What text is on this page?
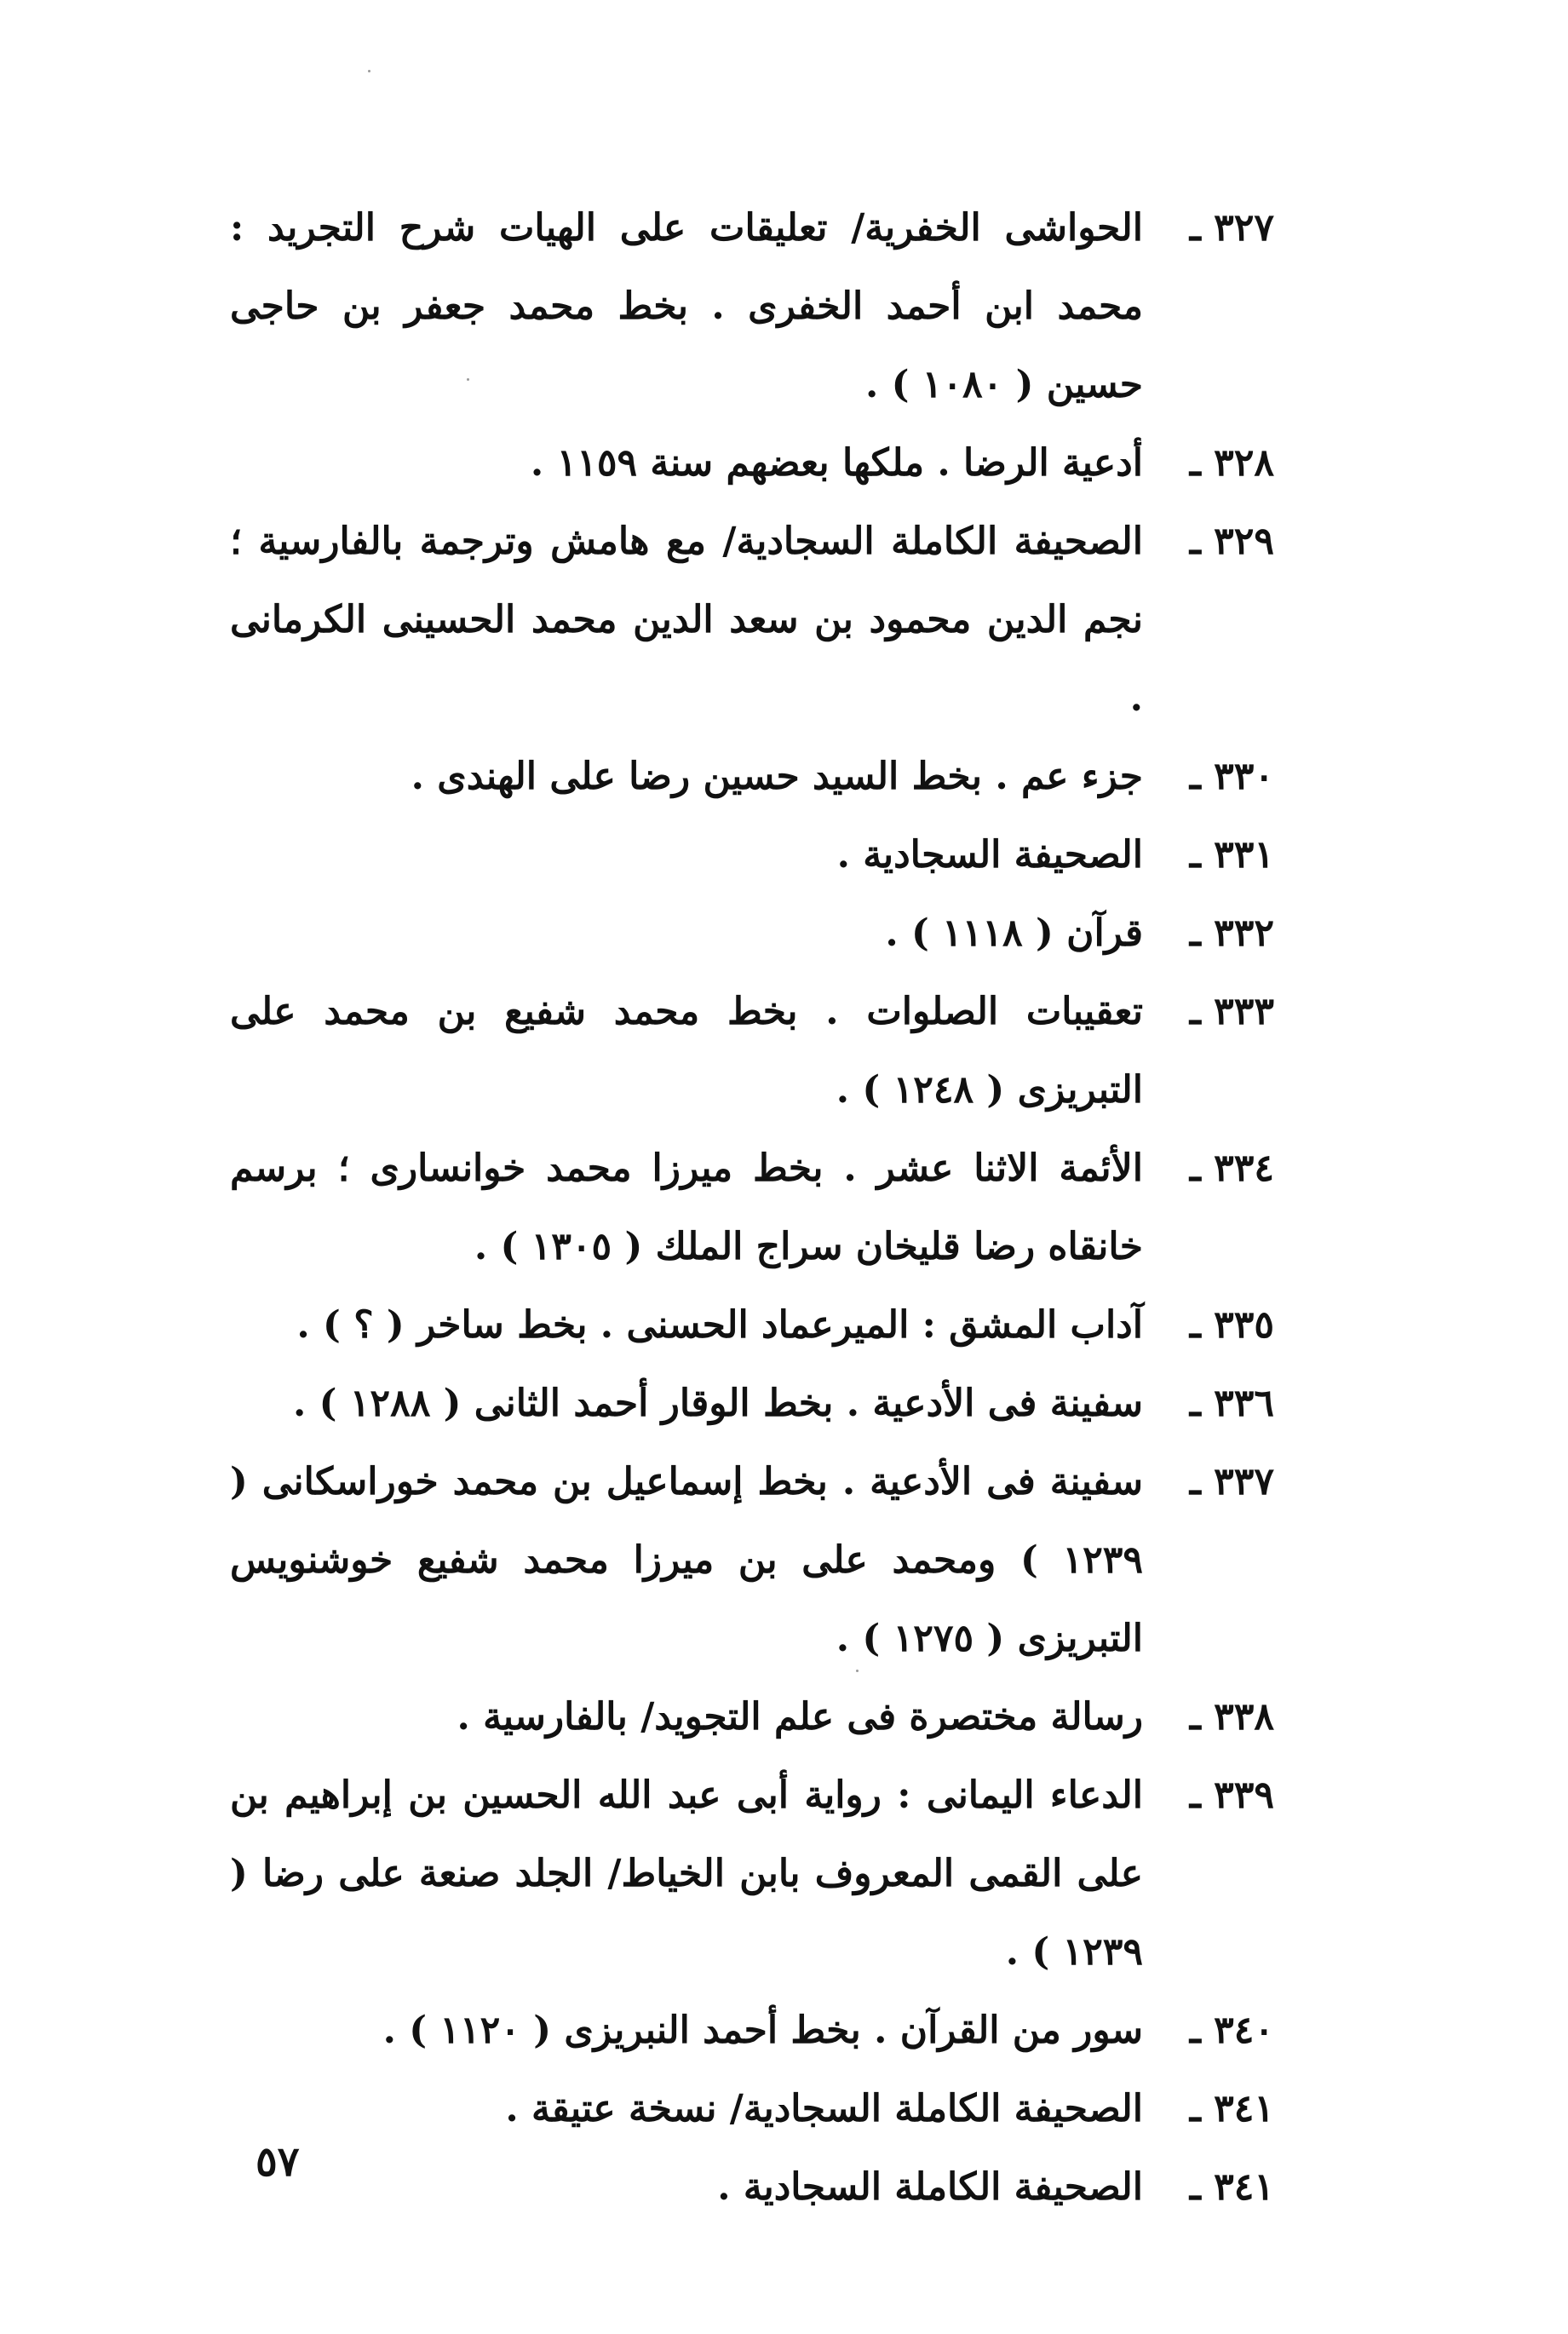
٣٢٧ ـ
الحواشى الخفرية/ تعليقات على الهيات شرح التجريد : محمد ابن أحمد الخفرى . بخط محمد جعفر بن حاجى حسين ( ١٠٨٠ ) .
٣٢٨ ـ
أدعية الرضا . ملكها بعضهم سنة ١١٥٩ .
٣٢٩ ـ
الصحيفة الكاملة السجادية/ مع هامش وترجمة بالفارسية ؛ نجم الدين محمود بن سعد الدين محمد الحسينى الكرمانى .
٣٣٠ ـ
جزء عم . بخط السيد حسين رضا على الهندى .
٣٣١ ـ
الصحيفة السجادية .
٣٣٢ ـ
قرآن ( ١١١٨ ) .
٣٣٣ ـ
تعقيبات الصلوات . بخط محمد شفيع بن محمد على التبريزى ( ١٢٤٨ ) .
٣٣٤ ـ
الأئمة الاثنا عشر . بخط ميرزا محمد خوانسارى ؛ برسم خانقاه رضا قليخان سراج الملك ( ١٣٠٥ ) .
٣٣٥ ـ
آداب المشق : الميرعماد الحسنى . بخط ساخر ( ؟ ) .
٣٣٦ ـ
سفينة فى الأدعية . بخط الوقار أحمد الثانى ( ١٢٨٨ ) .
٣٣٧ ـ
سفينة فى الأدعية . بخط إسماعيل بن محمد خوراسكانى ( ١٢٣٩ ) ومحمد على بن ميرزا محمد شفيع خوشنويس التبريزى ( ١٢٧٥ ) .
٣٣٨ ـ
رسالة مختصرة فى علم التجويد/ بالفارسية .
٣٣٩ ـ
الدعاء اليمانى : رواية أبى عبد الله الحسين بن إبراهيم بن على القمى المعروف بابن الخياط/ الجلد صنعة على رضا ( ١٢٣٩ ) .
٣٤٠ ـ
سور من القرآن . بخط أحمد النبريزى ( ١١٢٠ ) .
٣٤١ ـ
الصحيفة الكاملة السجادية/ نسخة عتيقة .
٣٤١ ـ
الصحيفة الكاملة السجادية .
٥٧
